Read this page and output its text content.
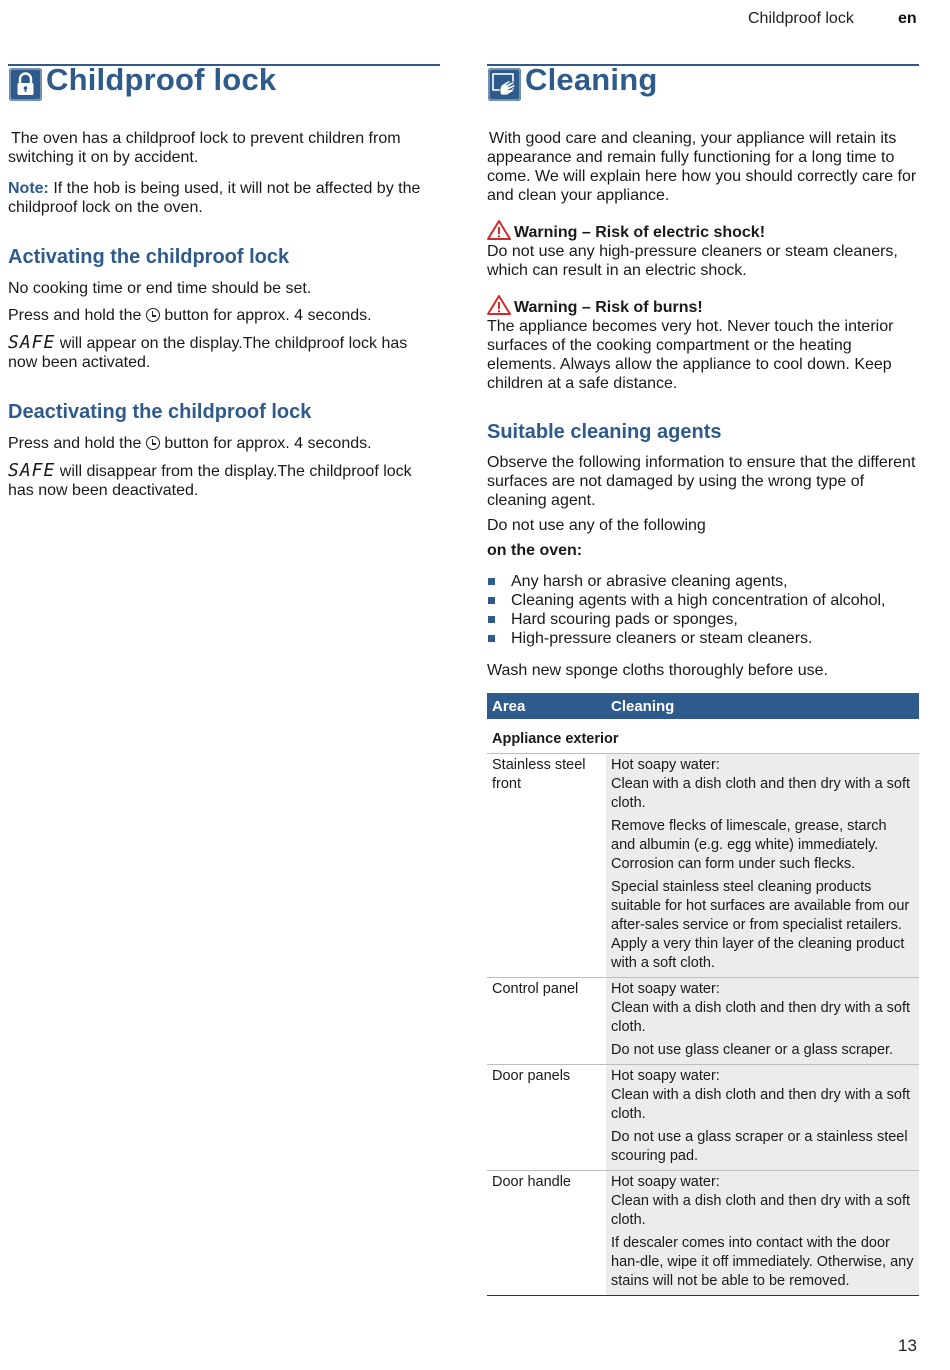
Childproof lock	en
Childproof lock

The oven has a childproof lock to prevent children from switching it on by accident.

Note: If the hob is being used, it will not be affected by the childproof lock on the oven.

Activating the childproof lock

No cooking time or end time should be set.

Press and hold the  button for approx. 4 seconds.

SAFE will appear on the display.The childproof lock has now been activated.

Deactivating the childproof lock

Press and hold the  button for approx. 4 seconds.

SAFE will disappear from the display.The childproof lock has now been deactivated.

Cleaning

With good care and cleaning, your appliance will retain its appearance and remain fully functioning for a long time to come. We will explain here how you should correctly care for and clean your appliance.

Warning – Risk of electric shock!

Do not use any high-pressure cleaners or steam cleaners, which can result in an electric shock.

Warning – Risk of burns!

The appliance becomes very hot. Never touch the interior surfaces of the cooking compartment or the heating elements. Always allow the appliance to cool down. Keep children at a safe distance.

Suitable cleaning agents

Observe the following information to ensure that the different surfaces are not damaged by using the wrong type of cleaning agent.

Do not use any of the following

on the oven:

Any harsh or abrasive cleaning agents,
Cleaning agents with a high concentration of alcohol,
Hard scouring pads or sponges,
High-pressure cleaners or steam cleaners.

Wash new sponge cloths thoroughly before use.

Area	Cleaning
Appliance exterior	
Stainless steel front	Hot soapy water:
Clean with a dish cloth and then dry with a soft cloth.
Remove flecks of limescale, grease, starch and albumin (e.g. egg white) immediately. Corrosion can form under such flecks.
Special stainless steel cleaning products suitable for hot surfaces are available from our after-sales service or from specialist retailers. Apply a very thin layer of the cleaning product with a soft cloth.

Control panel	Hot soapy water:
Clean with a dish cloth and then dry with a soft cloth.
Do not use glass cleaner or a glass scraper.

Door panels	Hot soapy water:
Clean with a dish cloth and then dry with a soft cloth.
Do not use a glass scraper or a stainless steel scouring pad.

Door handle	Hot soapy water:
Clean with a dish cloth and then dry with a soft cloth.
If descaler comes into contact with the door han-dle, wipe it off immediately. Otherwise, any stains will not be able to be removed.
13
